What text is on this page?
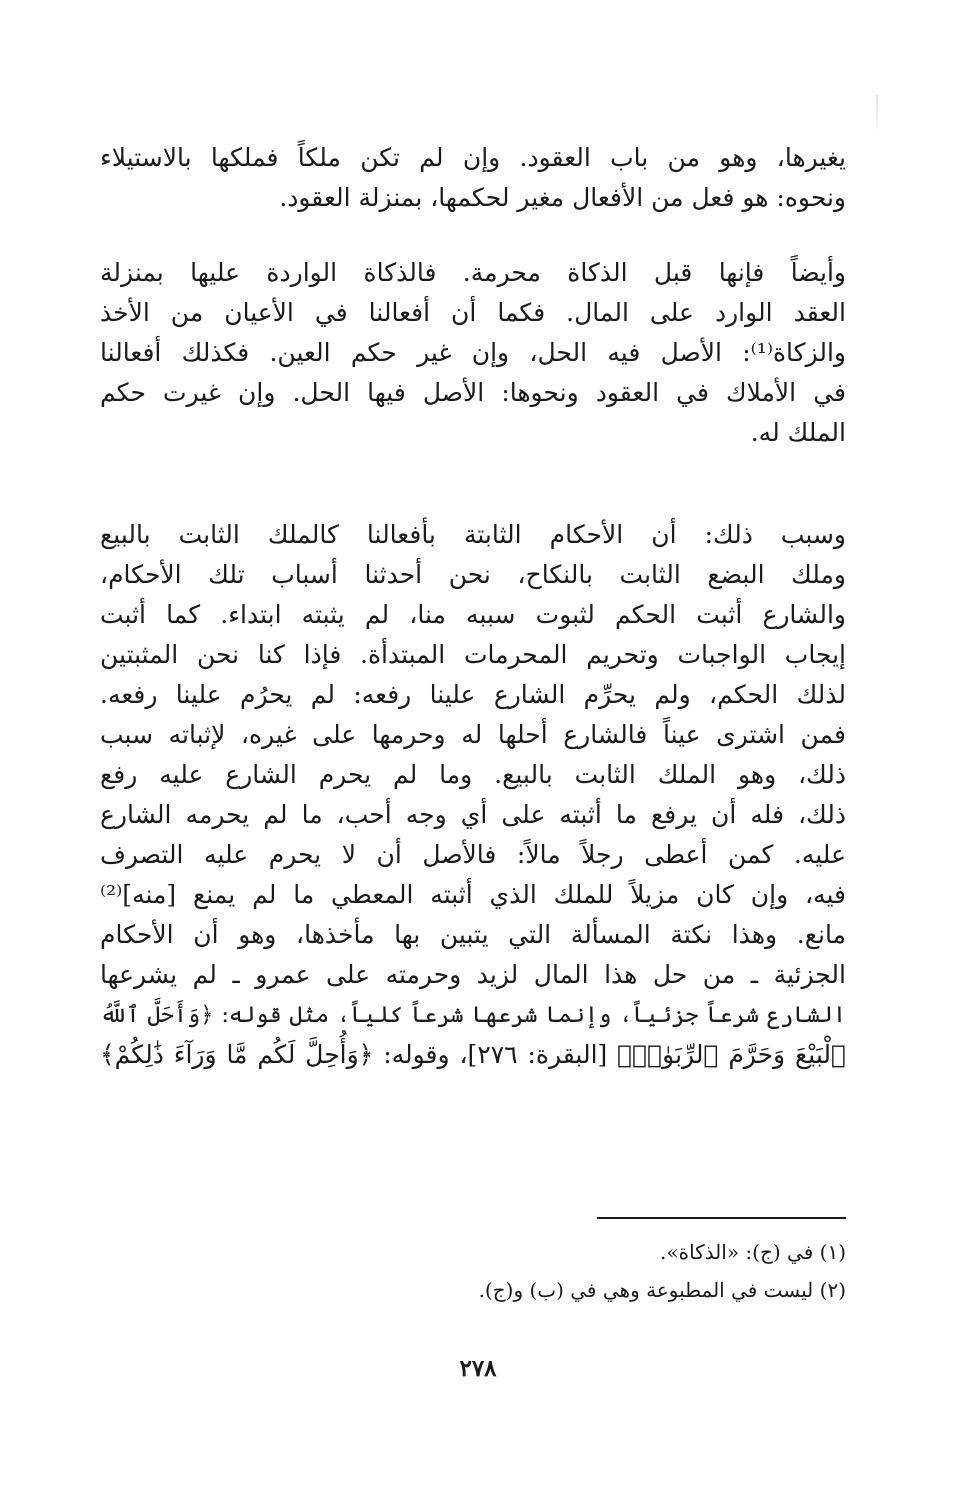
يغيرها، وهو من باب العقود. وإن لم تكن ملكاً فملكها بالاستيلاء
ونحوه: هو فعل من الأفعال مغير لحكمها، بمنزلة العقود.
وأيضاً فإنها قبل الذكاة محرمة. فالذكاة الواردة عليها بمنزلة
العقد الوارد على المال. فكما أن أفعالنا في الأعيان من الأخذ
والزكاة⁽¹⁾: الأصل فيه الحل، وإن غير حكم العين. فكذلك أفعالنا
في الأملاك في العقود ونحوها: الأصل فيها الحل. وإن غيرت حكم
الملك له.
وسبب ذلك: أن الأحكام الثابتة بأفعالنا كالملك الثابت بالبيع
وملك البضع الثابت بالنكاح، نحن أحدثنا أسباب تلك الأحكام،
والشارع أثبت الحكم لثبوت سببه منا، لم يثبته ابتداء. كما أثبت
إيجاب الواجبات وتحريم المحرمات المبتدأة. فإذا كنا نحن المثبتين
لذلك الحكم، ولم يحرِّم الشارع علينا رفعه: لم يحرُم علينا رفعه.
فمن اشترى عيناً فالشارع أحلها له وحرمها على غيره، لإثباته سبب
ذلك، وهو الملك الثابت بالبيع. وما لم يحرم الشارع عليه رفع
ذلك، فله أن يرفع ما أثبته على أي وجه أحب، ما لم يحرمه الشارع
عليه. كمن أعطى رجلاً مالاً: فالأصل أن لا يحرم عليه التصرف
فيه، وإن كان مزيلاً للملك الذي أثبته المعطي ما لم يمنع [منه]⁽²⁾
مانع. وهذا نكتة المسألة التي يتبين بها مأخذها، وهو أن الأحكام
الجزئية ـ من حل هذا المال لزيد وحرمته على عمرو ـ لم يشرعها
الشارع شرعاً جزئياً، وإنما شرعها شرعاً كلياً، مثل قوله: ﴿وَأَحَلَّ ٱللَّهُ
ٱلْبَيْعَ وَحَرَّمَ ٱلرِّبَوٰا۟﴾ [البقرة: ٢٧٦]، وقوله: ﴿وَأُحِلَّ لَكُم مَّا وَرَآءَ ذَٰلِكُمْ﴾
(١) في (ج): «الذكاة».
(٢) ليست في المطبوعة وهي في (ب) و(ج).
٢٧٨
